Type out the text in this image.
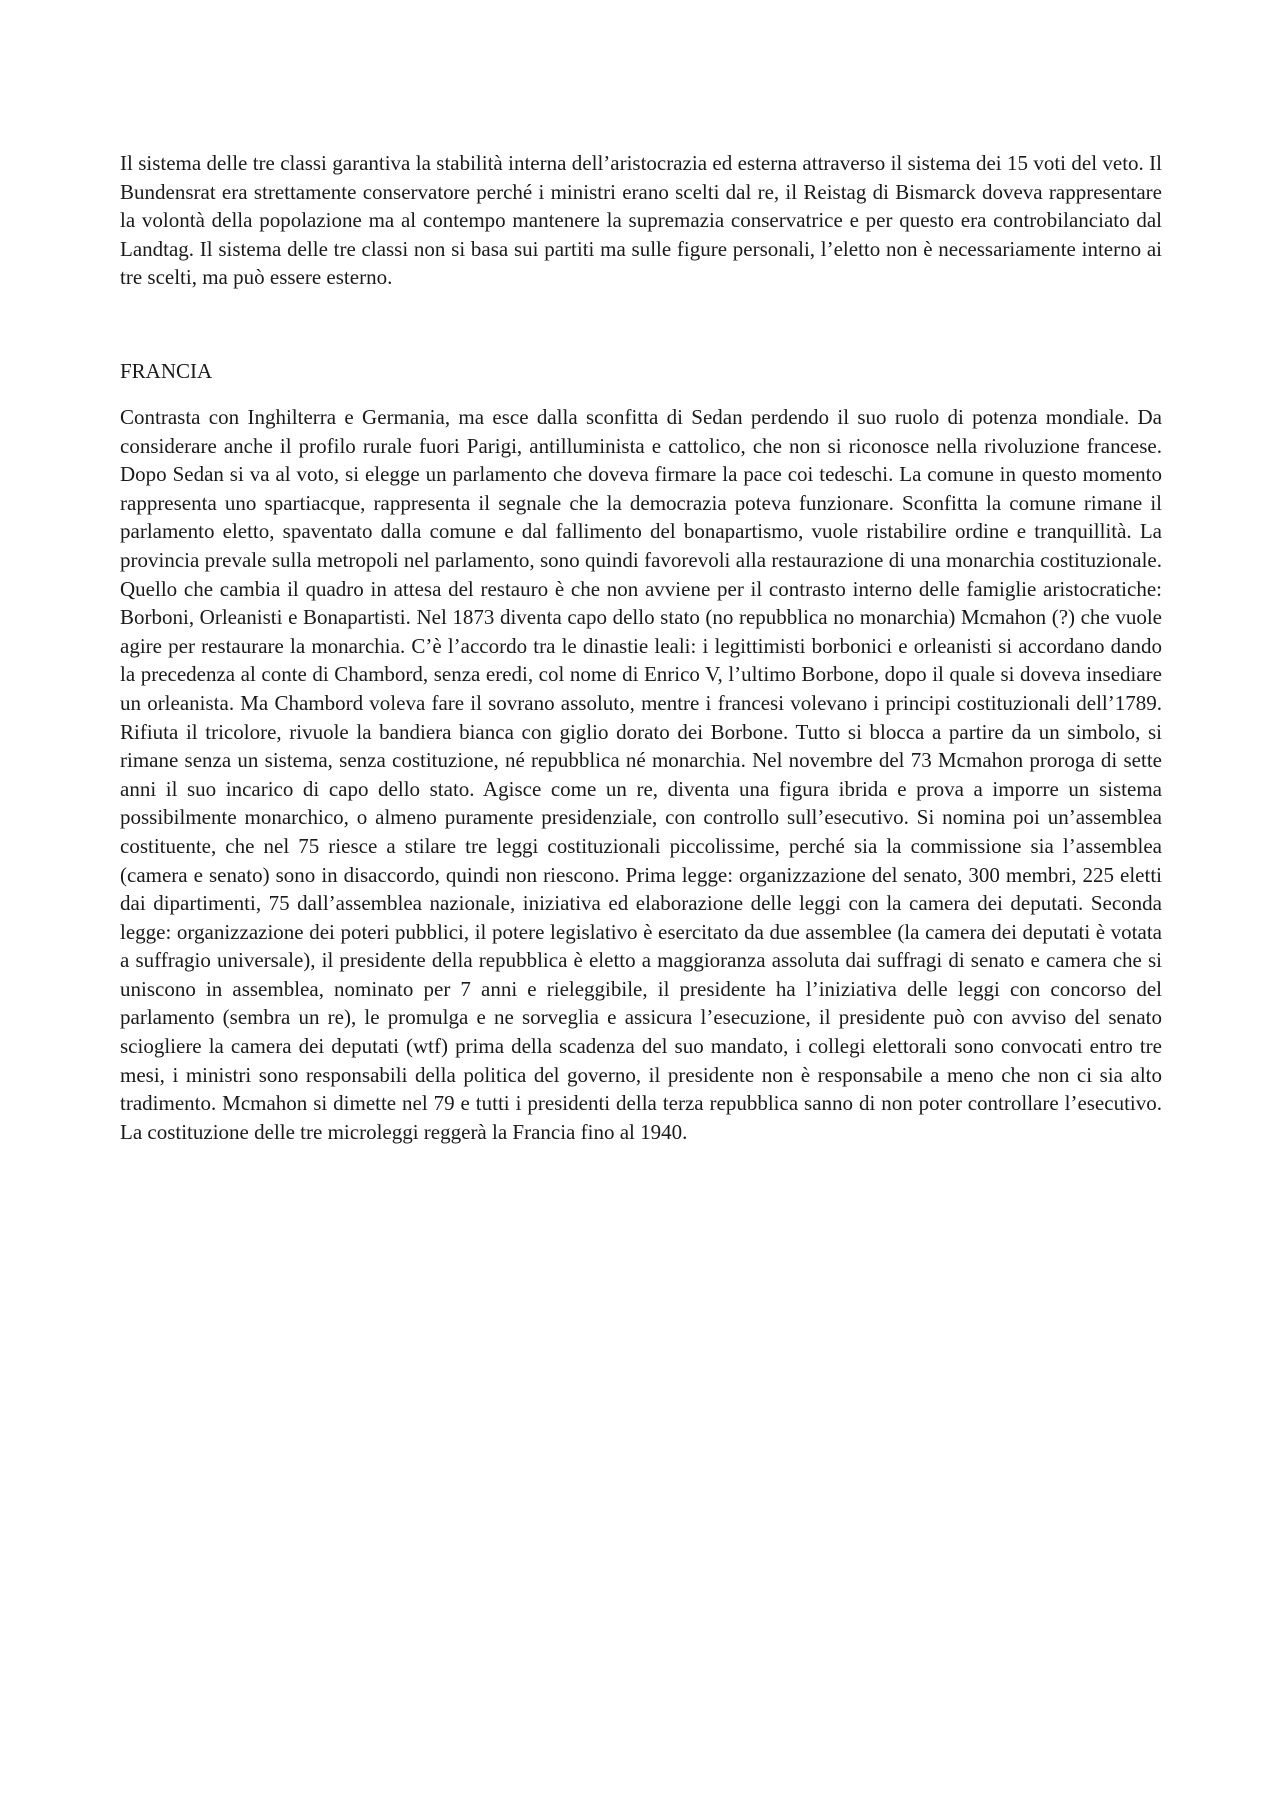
Il sistema delle tre classi garantiva la stabilità interna dell’aristocrazia ed esterna attraverso il sistema dei 15 voti del veto. Il Bundensrat era strettamente conservatore perché i ministri erano scelti dal re, il Reistag di Bismarck doveva rappresentare la volontà della popolazione ma al contempo mantenere la supremazia conservatrice e per questo era controbilanciato dal Landtag. Il sistema delle tre classi non si basa sui partiti ma sulle figure personali, l’eletto non è necessariamente interno ai tre scelti, ma può essere esterno.

FRANCIA

Contrasta con Inghilterra e Germania, ma esce dalla sconfitta di Sedan perdendo il suo ruolo di potenza mondiale. Da considerare anche il profilo rurale fuori Parigi, antilluminista e cattolico, che non si riconosce nella rivoluzione francese. Dopo Sedan si va al voto, si elegge un parlamento che doveva firmare la pace coi tedeschi. La comune in questo momento rappresenta uno spartiacque, rappresenta il segnale che la democrazia poteva funzionare. Sconfitta la comune rimane il parlamento eletto, spaventato dalla comune e dal fallimento del bonapartismo, vuole ristabilire ordine e tranquillità. La provincia prevale sulla metropoli nel parlamento, sono quindi favorevoli alla restaurazione di una monarchia costituzionale. Quello che cambia il quadro in attesa del restauro è che non avviene per il contrasto interno delle famiglie aristocratiche: Borboni, Orleanisti e Bonapartisti. Nel 1873 diventa capo dello stato (no repubblica no monarchia) Mcmahon (?) che vuole agire per restaurare la monarchia. C’è l’accordo tra le dinastie leali: i legittimisti borbonici e orleanisti si accordano dando la precedenza al conte di Chambord, senza eredi, col nome di Enrico V, l’ultimo Borbone, dopo il quale si doveva insediare un orleanista. Ma Chambord voleva fare il sovrano assoluto, mentre i francesi volevano i principi costituzionali dell’1789. Rifiuta il tricolore, rivuole la bandiera bianca con giglio dorato dei Borbone. Tutto si blocca a partire da un simbolo, si rimane senza un sistema, senza costituzione, né repubblica né monarchia. Nel novembre del 73 Mcmahon proroga di sette anni il suo incarico di capo dello stato. Agisce come un re, diventa una figura ibrida e prova a imporre un sistema possibilmente monarchico, o almeno puramente presidenziale, con controllo sull’esecutivo. Si nomina poi un’assemblea costituente, che nel 75 riesce a stilare tre leggi costituzionali piccolissime, perché sia la commissione sia l’assemblea (camera e senato) sono in disaccordo, quindi non riescono. Prima legge: organizzazione del senato, 300 membri, 225 eletti dai dipartimenti, 75 dall’assemblea nazionale, iniziativa ed elaborazione delle leggi con la camera dei deputati. Seconda legge: organizzazione dei poteri pubblici, il potere legislativo è esercitato da due assemblee (la camera dei deputati è votata a suffragio universale), il presidente della repubblica è eletto a maggioranza assoluta dai suffragi di senato e camera che si uniscono in assemblea, nominato per 7 anni e rieleggibile, il presidente ha l’iniziativa delle leggi con concorso del parlamento (sembra un re), le promulga e ne sorveglia e assicura l’esecuzione, il presidente può con avviso del senato sciogliere la camera dei deputati (wtf) prima della scadenza del suo mandato, i collegi elettorali sono convocati entro tre mesi, i ministri sono responsabili della politica del governo, il presidente non è responsabile a meno che non ci sia alto tradimento. Mcmahon si dimette nel 79 e tutti i presidenti della terza repubblica sanno di non poter controllare l’esecutivo. La costituzione delle tre microleggi reggerà la Francia fino al 1940.
